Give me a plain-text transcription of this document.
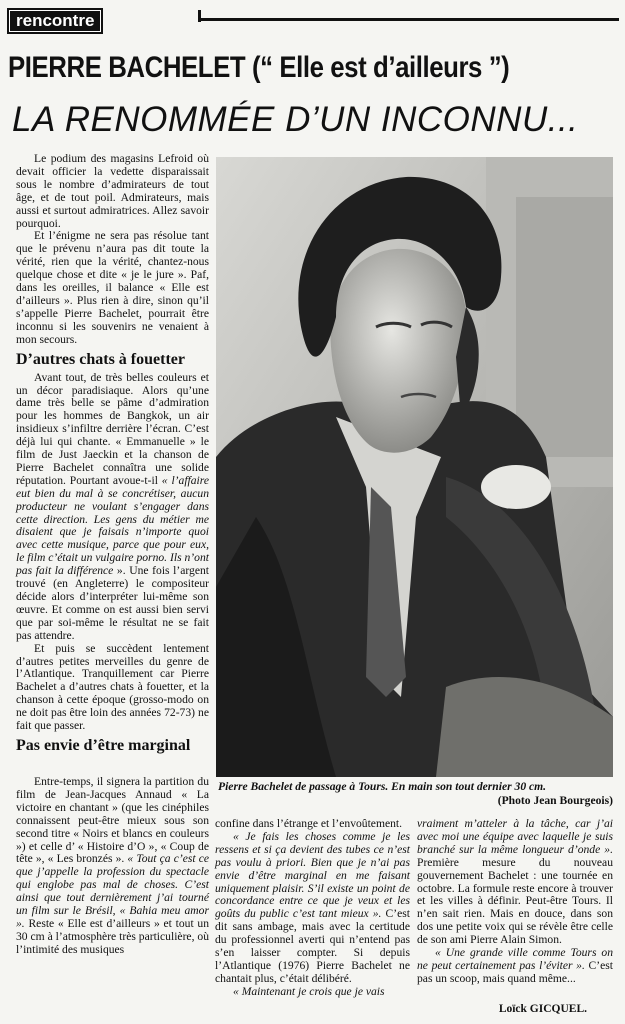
rencontre
PIERRE BACHELET (“ Elle est d’ailleurs ”)
LA RENOMMÉE D’UN INCONNU...

Le podium des magasins Lefroid où devait officier la vedette disparaissait sous le nombre d’admirateurs de tout âge, et de tout poil. Admirateurs, mais aussi et surtout admiratrices. Allez savoir pourquoi.

Et l’énigme ne sera pas résolue tant que le prévenu n’aura pas dit toute la vérité, rien que la vérité, chantez-nous quelque chose et dite « je le jure ». Paf, dans les oreilles, il balance « Elle est d’ailleurs ». Plus rien à dire, sinon qu’il s’appelle Pierre Bachelet, pourrait être inconnu si les souvenirs ne venaient à mon secours.

D’autres chats à fouetter

Avant tout, de très belles couleurs et un décor paradisiaque. Alors qu’une dame très belle se pâme d’admiration pour les hommes de Bangkok, un air insidieux s’infiltre derrière l’écran. C’est déjà lui qui chante. « Emmanuelle » le film de Just Jaeckin et la chanson de Pierre Bachelet connaîtra une solide réputation. Pourtant avoue-t-il « l’affaire eut bien du mal à se concrétiser, aucun producteur ne voulant s’engager dans cette direction. Les gens du métier me disaient que je faisais n’importe quoi avec cette musique, parce que pour eux, le film c’était un vulgaire porno. Ils n’ont pas fait la différence ». Une fois l’argent trouvé (en Angleterre) le compositeur décide alors d’interpréter lui-même son œuvre. Et comme on est aussi bien servi que par soi-même le résultat ne se fait pas attendre.

Et puis se succèdent lentement d’autres petites merveilles du genre de l’Atlantique. Tranquillement car Pierre Bachelet a d’autres chats à fouetter, et la chanson à cette époque (grosso-modo on ne doit pas être loin des années 72-73) ne fait que passer.

Pas envie d’être marginal

Entre-temps, il signera la partition du film de Jean-Jacques Annaud « La victoire en chantant » (que les cinéphiles connaissent peut-être mieux sous son second titre « Noirs et blancs en couleurs ») et celle d’ « Histoire d’O », « Coup de tête », « Les bronzés ». « Tout ça c’est ce que j’appelle la profession du spectacle qui englobe pas mal de choses. C’est ainsi que tout dernièrement j’ai tourné un film sur le Brésil, « Bahia meu amor ». Reste « Elle est d’ailleurs » et tout un 30 cm à l’atmosphère très particulière, où l’intimité des musiques

Pierre Bachelet de passage à Tours. En main son tout dernier 30 cm.
(Photo Jean Bourgeois)

confine dans l’étrange et l’envoûtement.

« Je fais les choses comme je les ressens et si ça devient des tubes ce n’est pas voulu à priori. Bien que je n’ai pas envie d’être marginal en me faisant uniquement plaisir. S’il existe un point de concordance entre ce que je veux et les goûts du public c’est tant mieux ». C’est dit sans ambage, mais avec la certitude du professionnel averti qui n’entend pas s’en laisser compter. Si depuis l’Atlantique (1976) Pierre Bachelet ne chantait plus, c’était délibéré.

« Maintenant je crois que je vais

vraiment m’atteler à la tâche, car j’ai avec moi une équipe avec laquelle je suis branché sur la même longueur d’onde ». Première mesure du nouveau gouvernement Bachelet : une tournée en octobre. La formule reste encore à trouver et les villes à définir. Peut-être Tours. Il n’en sait rien. Mais en douce, dans son dos une petite voix qui se révèle être celle de son ami Pierre Alain Simon.

« Une grande ville comme Tours on ne peut certainement pas l’éviter ». C’est pas un scoop, mais quand même...

Loïck GICQUEL.
